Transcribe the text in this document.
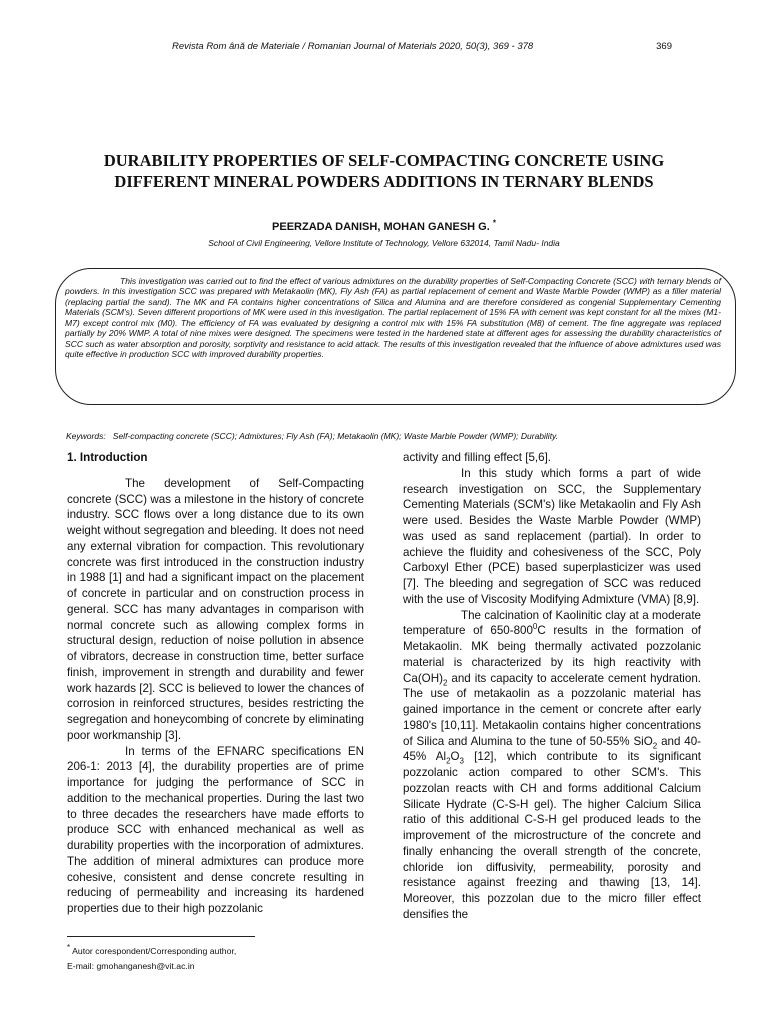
Revista Rom ână de Materiale / Romanian Journal of Materials 2020, 50(3), 369 - 378	369
DURABILITY PROPERTIES OF SELF-COMPACTING CONCRETE USING
DIFFERENT MINERAL POWDERS ADDITIONS IN TERNARY BLENDS
PEERZADA DANISH, MOHAN GANESH G. *
School of Civil Engineering, Vellore Institute of Technology, Vellore 632014, Tamil Nadu- India

This investigation was carried out to find the effect of various admixtures on the durability properties of Self-Compacting Concrete (SCC) with ternary blends of powders. In this investigation SCC was prepared with Metakaolin (MK), Fly Ash (FA) as partial replacement of cement and Waste Marble Powder (WMP) as a filler material (replacing partial the sand). The MK and FA contains higher concentrations of Silica and Alumina and are therefore considered as congenial Supplementary Cementing Materials (SCM's). Seven different proportions of MK were used in this investigation. The partial replacement of 15% FA with cement was kept constant for all the mixes (M1- M7) except control mix (M0). The efficiency of FA was evaluated by designing a control mix with 15% FA substitution (M8) of cement. The fine aggregate was replaced partially by 20% WMP. A total of nine mixes were designed. The specimens were tested in the hardened state at different ages for assessing the durability characteristics of SCC such as water absorption and porosity, sorptivity and resistance to acid attack. The results of this investigation revealed that the influence of above admixtures used was quite effective in production SCC with improved durability properties.

Keywords: Self-compacting concrete (SCC); Admixtures; Fly Ash (FA); Metakaolin (MK); Waste Marble Powder (WMP); Durability.
1. Introduction

The development of Self-Compacting concrete (SCC) was a milestone in the history of concrete industry. SCC flows over a long distance due to its own weight without segregation and bleeding. It does not need any external vibration for compaction. This revolutionary concrete was first introduced in the construction industry in 1988 [1] and had a significant impact on the placement of concrete in particular and on construction process in general. SCC has many advantages in comparison with normal concrete such as allowing complex forms in structural design, reduction of noise pollution in absence of vibrators, decrease in construction time, better surface finish, improvement in strength and durability and fewer work hazards [2]. SCC is believed to lower the chances of corrosion in reinforced structures, besides restricting the segregation and honeycombing of concrete by eliminating poor workmanship [3].

In terms of the EFNARC specifications EN 206-1: 2013 [4], the durability properties are of prime importance for judging the performance of SCC in addition to the mechanical properties. During the last two to three decades the researchers have made efforts to produce SCC with enhanced mechanical as well as durability properties with the incorporation of admixtures. The addition of mineral admixtures can produce more cohesive, consistent and dense concrete resulting in reducing of permeability and increasing its hardened properties due to their high pozzolanic

activity and filling effect [5,6].

In this study which forms a part of wide research investigation on SCC, the Supplementary Cementing Materials (SCM's) like Metakaolin and Fly Ash were used. Besides the Waste Marble Powder (WMP) was used as sand replacement (partial). In order to achieve the fluidity and cohesiveness of the SCC, Poly Carboxyl Ether (PCE) based superplasticizer was used [7]. The bleeding and segregation of SCC was reduced with the use of Viscosity Modifying Admixture (VMA) [8,9].

The calcination of Kaolinitic clay at a moderate temperature of $650-800^0C$ results in the formation of Metakaolin. MK being thermally activated pozzolanic material is characterized by its high reactivity with $Ca(OH)_2$ and its capacity to accelerate cement hydration. The use of metakaolin as a pozzolanic material has gained importance in the cement or concrete after early 1980's [10,11]. Metakaolin contains higher concentrations of Silica and Alumina to the tune of 50-55% SiO$_2$ and 40-45% $Al_2O_3$ [12], which contribute to its significant pozzolanic action compared to other SCM's. This pozzolan reacts with CH and forms additional Calcium Silicate Hydrate (C-S-H gel). The higher Calcium Silica ratio of this additional C-S-H gel produced leads to the improvement of the microstructure of the concrete and finally enhancing the overall strength of the concrete, chloride ion diffusivity, permeability, porosity and resistance against freezing and thawing [13, 14]. Moreover, this pozzolan due to the micro filler effect densifies the

* Autor corespondent/Corresponding author,
E-mail: gmohanganesh@vit.ac.in
